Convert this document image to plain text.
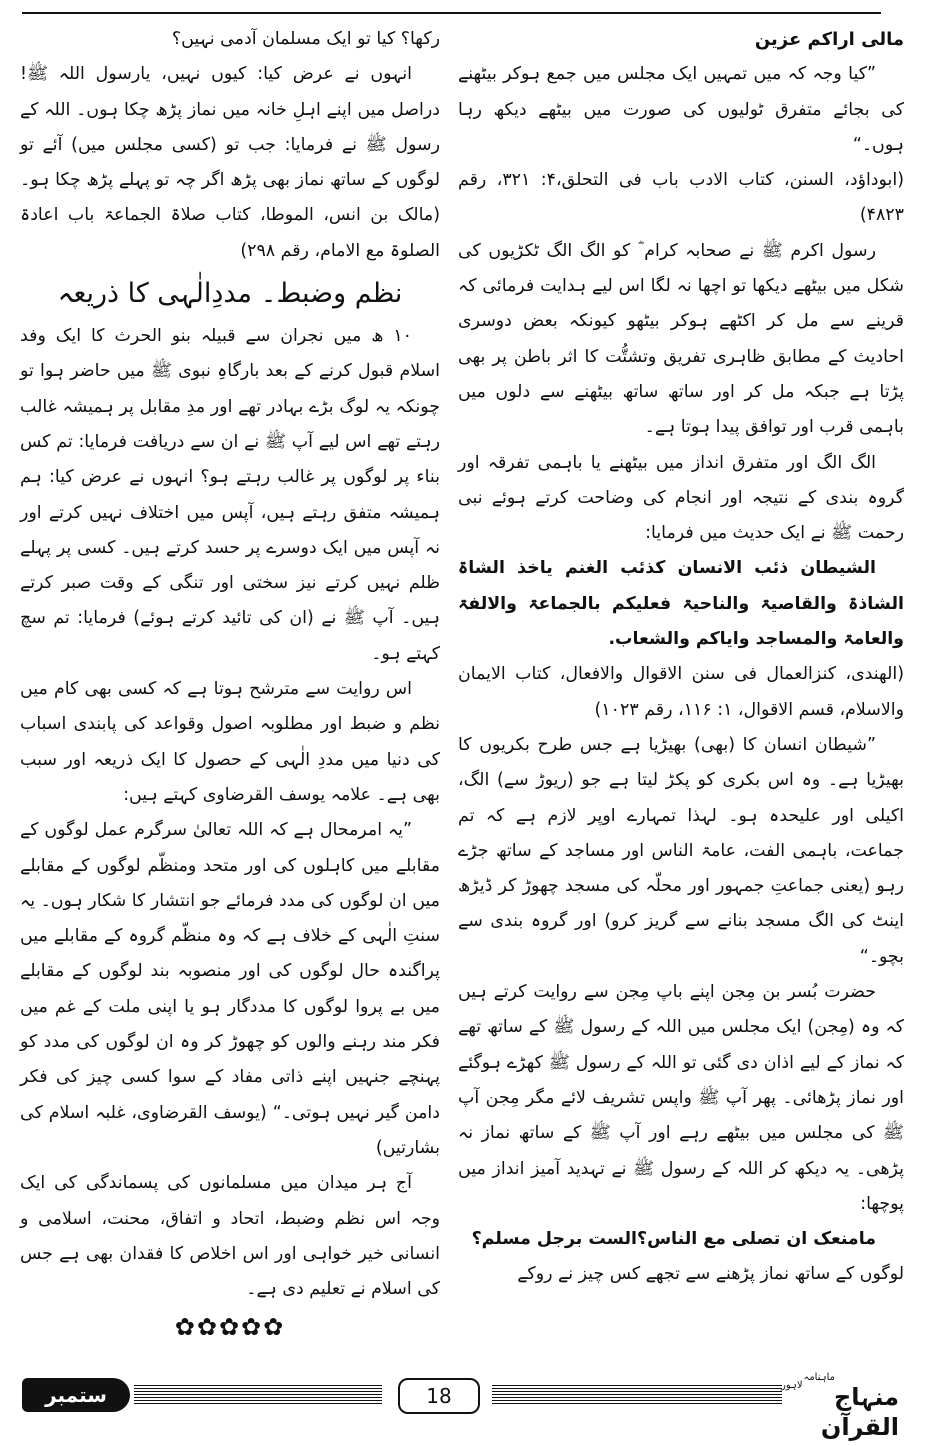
مالی اراکم عزین

”کیا وجہ کہ میں تمہیں ایک مجلس میں جمع ہوکر بیٹھنے کی بجائے متفرق ٹولیوں کی صورت میں بیٹھے دیکھ رہا ہوں۔“

(ابوداؤد، السنن، کتاب الادب باب فی التحلق،۴: ۳۲۱، رقم ۴۸۲۳)

رسول اکرم ﷺ نے صحابہ کرام ؓ کو الگ الگ ٹکڑیوں کی شکل میں بیٹھے دیکھا تو اچھا نہ لگا اس لیے ہدایت فرمائی کہ قرینے سے مل کر اکٹھے ہوکر بیٹھو کیونکہ بعض دوسری احادیث کے مطابق ظاہری تفریق وتشتُّت کا اثر باطن پر بھی پڑتا ہے جبکہ مل کر اور ساتھ ساتھ بیٹھنے سے دلوں میں باہمی قرب اور توافق پیدا ہوتا ہے۔

الگ الگ اور متفرق انداز میں بیٹھنے یا باہمی تفرقہ اور گروہ بندی کے نتیجہ اور انجام کی وضاحت کرتے ہوئے نبی رحمت ﷺ نے ایک حدیث میں فرمایا:

الشیطان ذئب الانسان کذئب الغنم یاخذ الشاۃ الشاذۃ والقاصیۃ والناحیۃ فعلیکم بالجماعۃ والالفۃ والعامۃ والمساجد وایاکم والشعاب.

(الهندی، کنزالعمال فی سنن الاقوال والافعال، کتاب الایمان والاسلام، قسم الاقوال، ۱: ۱۱۶، رقم ۱۰۲۳)

”شیطان انسان کا (بھی) بھیڑیا ہے جس طرح بکریوں کا بھیڑیا ہے۔ وہ اس بکری کو پکڑ لیتا ہے جو (ریوڑ سے) الگ، اکیلی اور علیحدہ ہو۔ لہذا تمہارے اوپر لازم ہے کہ تم جماعت، باہمی الفت، عامۃ الناس اور مساجد کے ساتھ جڑے رہو (یعنی جماعتِ جمہور اور محلّہ کی مسجد چھوڑ کر ڈیڑھ اینٹ کی الگ مسجد بنانے سے گریز کرو) اور گروہ بندی سے بچو۔“

حضرت بُسر بن مِجن اپنے باپ مِجن سے روایت کرتے ہیں کہ وہ (مِجن) ایک مجلس میں اللہ کے رسول ﷺ کے ساتھ تھے کہ نماز کے لیے اذان دی گئی تو اللہ کے رسول ﷺ کھڑے ہوگئے اور نماز پڑھائی۔ پھر آپ ﷺ واپس تشریف لائے مگر مِجن آپ ﷺ کی مجلس میں بیٹھے رہے اور آپ ﷺ کے ساتھ نماز نہ پڑھی۔ یہ دیکھ کر اللہ کے رسول ﷺ نے تہدید آمیز انداز میں پوچھا:

مامنعک ان تصلی مع الناس؟الست برجل مسلم؟

لوگوں کے ساتھ نماز پڑھنے سے تجھے کس چیز نے روکے

رکھا؟ کیا تو ایک مسلمان آدمی نہیں؟

انہوں نے عرض کیا: کیوں نہیں، یارسول اللہ ﷺ! دراصل میں اپنے اہلِ خانہ میں نماز پڑھ چکا ہوں۔ اللہ کے رسول ﷺ نے فرمایا: جب تو (کسی مجلس میں) آئے تو لوگوں کے ساتھ نماز بھی پڑھ اگر چہ تو پہلے پڑھ چکا ہو۔ (مالک بن انس، الموطا، کتاب صلاۃ الجماعۃ باب اعادۃ الصلوۃ مع الامام، رقم ۲۹۸)

نظم وضبط۔ مددِالٰہی کا ذریعہ

۱۰ ھ میں نجران سے قبیلہ بنو الحرث کا ایک وفد اسلام قبول کرنے کے بعد بارگاہِ نبوی ﷺ میں حاضر ہوا تو چونکہ یہ لوگ بڑے بہادر تھے اور مدِ مقابل پر ہمیشہ غالب رہتے تھے اس لیے آپ ﷺ نے ان سے دریافت فرمایا: تم کس بناء پر لوگوں پر غالب رہتے ہو؟ انہوں نے عرض کیا: ہم ہمیشہ متفق رہتے ہیں، آپس میں اختلاف نہیں کرتے اور نہ آپس میں ایک دوسرے پر حسد کرتے ہیں۔ کسی پر پہلے ظلم نہیں کرتے نیز سختی اور تنگی کے وقت صبر کرتے ہیں۔ آپ ﷺ نے (ان کی تائید کرتے ہوئے) فرمایا: تم سچ کہتے ہو۔

اس روایت سے مترشح ہوتا ہے کہ کسی بھی کام میں نظم و ضبط اور مطلوبہ اصول وقواعد کی پابندی اسباب کی دنیا میں مددِ الٰہی کے حصول کا ایک ذریعہ اور سبب بھی ہے۔ علامہ یوسف القرضاوی کہتے ہیں:

”یہ امرمحال ہے کہ اللہ تعالیٰ سرگرم عمل لوگوں کے مقابلے میں کاہلوں کی اور متحد ومنظّم لوگوں کے مقابلے میں ان لوگوں کی مدد فرمائے جو انتشار کا شکار ہوں۔ یہ سنتِ الٰہی کے خلاف ہے کہ وہ منظّم گروہ کے مقابلے میں پراگندہ حال لوگوں کی اور منصوبہ بند لوگوں کے مقابلے میں بے پروا لوگوں کا مددگار ہو یا اپنی ملت کے غم میں فکر مند رہنے والوں کو چھوڑ کر وہ ان لوگوں کی مدد کو پہنچے جنہیں اپنے ذاتی مفاد کے سوا کسی چیز کی فکر دامن گیر نہیں ہوتی۔“ (یوسف القرضاوی، غلبہ اسلام کی بشارتیں)

آج ہر میدان میں مسلمانوں کی پسماندگی کی ایک وجہ اس نظم وضبط، اتحاد و اتفاق، محنت، اسلامی و انسانی خیر خواہی اور اس اخلاص کا فقدان بھی ہے جس کی اسلام نے تعلیم دی ہے۔

✿✿✿✿✿

ستمبر 2021ء
18
ماہنامہ
منہاج القرآن
لاہور
